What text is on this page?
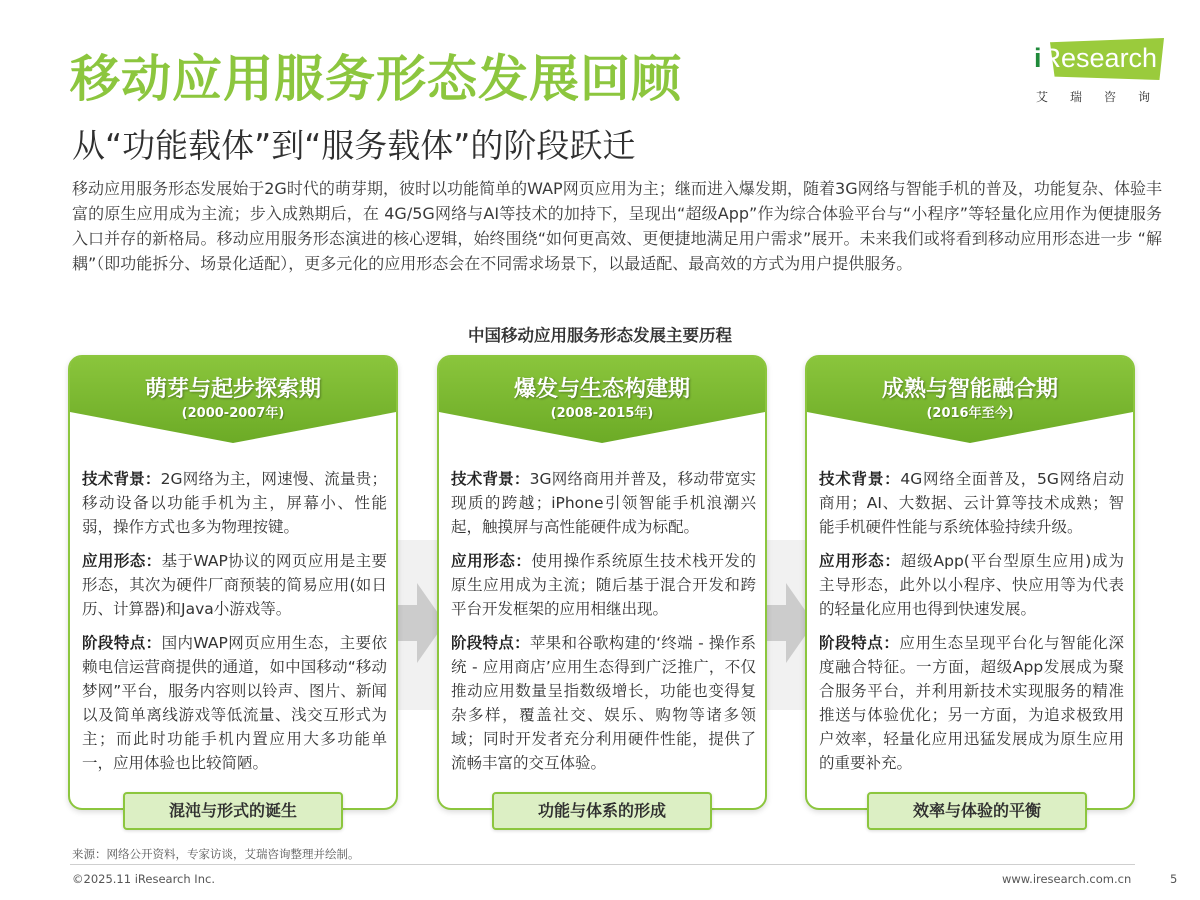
移动应用服务形态发展回顾
从“功能载体”到“服务载体”的阶段跃迁
iResearch
艾瑞咨询
移动应用服务形态发展始于2G时代的萌芽期，彼时以功能简单的WAP网页应用为主；继而进入爆发期，随着3G网络与智能手机的普及，功能复杂、体验丰富的原生应用成为主流；步入成熟期后，在 4G/5G网络与AI等技术的加持下，呈现出“超级App”作为综合体验平台与“小程序”等轻量化应用作为便捷服务入口并存的新格局。移动应用服务形态演进的核心逻辑，始终围绕“如何更高效、更便捷地满足用户需求”展开。未来我们或将看到移动应用形态进一步 “解耦”（即功能拆分、场景化适配），更多元化的应用形态会在不同需求场景下，以最适配、最高效的方式为用户提供服务。
中国移动应用服务形态发展主要历程
萌芽与起步探索期
(2000-2007年)

技术背景：2G网络为主，网速慢、流量贵；移动设备以功能手机为主，屏幕小、性能弱，操作方式也多为物理按键。

应用形态：基于WAP协议的网页应用是主要形态，其次为硬件厂商预装的简易应用(如日历、计算器)和Java小游戏等。

阶段特点：国内WAP网页应用生态，主要依赖电信运营商提供的通道，如中国移动“移动梦网”平台，服务内容则以铃声、图片、新闻以及简单离线游戏等低流量、浅交互形式为主；而此时功能手机内置应用大多功能单一，应用体验也比较简陋。

混沌与形式的诞生
爆发与生态构建期
(2008-2015年)

技术背景：3G网络商用并普及，移动带宽实现质的跨越；iPhone引领智能手机浪潮兴起，触摸屏与高性能硬件成为标配。

应用形态：使用操作系统原生技术栈开发的原生应用成为主流；随后基于混合开发和跨平台开发框架的应用相继出现。

阶段特点：苹果和谷歌构建的‘终端 - 操作系统 - 应用商店’应用生态得到广泛推广，不仅推动应用数量呈指数级增长，功能也变得复杂多样，覆盖社交、娱乐、购物等诸多领域；同时开发者充分利用硬件性能，提供了流畅丰富的交互体验。

功能与体系的形成
成熟与智能融合期
(2016年至今)

技术背景：4G网络全面普及，5G网络启动商用；AI、大数据、云计算等技术成熟；智能手机硬件性能与系统体验持续升级。

应用形态：超级App(平台型原生应用)成为主导形态，此外以小程序、快应用等为代表的轻量化应用也得到快速发展。

阶段特点：应用生态呈现平台化与智能化深度融合特征。一方面，超级App发展成为聚合服务平台，并利用新技术实现服务的精准推送与体验优化；另一方面，为追求极致用户效率，轻量化应用迅猛发展成为原生应用的重要补充。

效率与体验的平衡
来源：网络公开资料，专家访谈，艾瑞咨询整理并绘制。
©2025.11 iResearch Inc.	www.iresearch.com.cn	5
